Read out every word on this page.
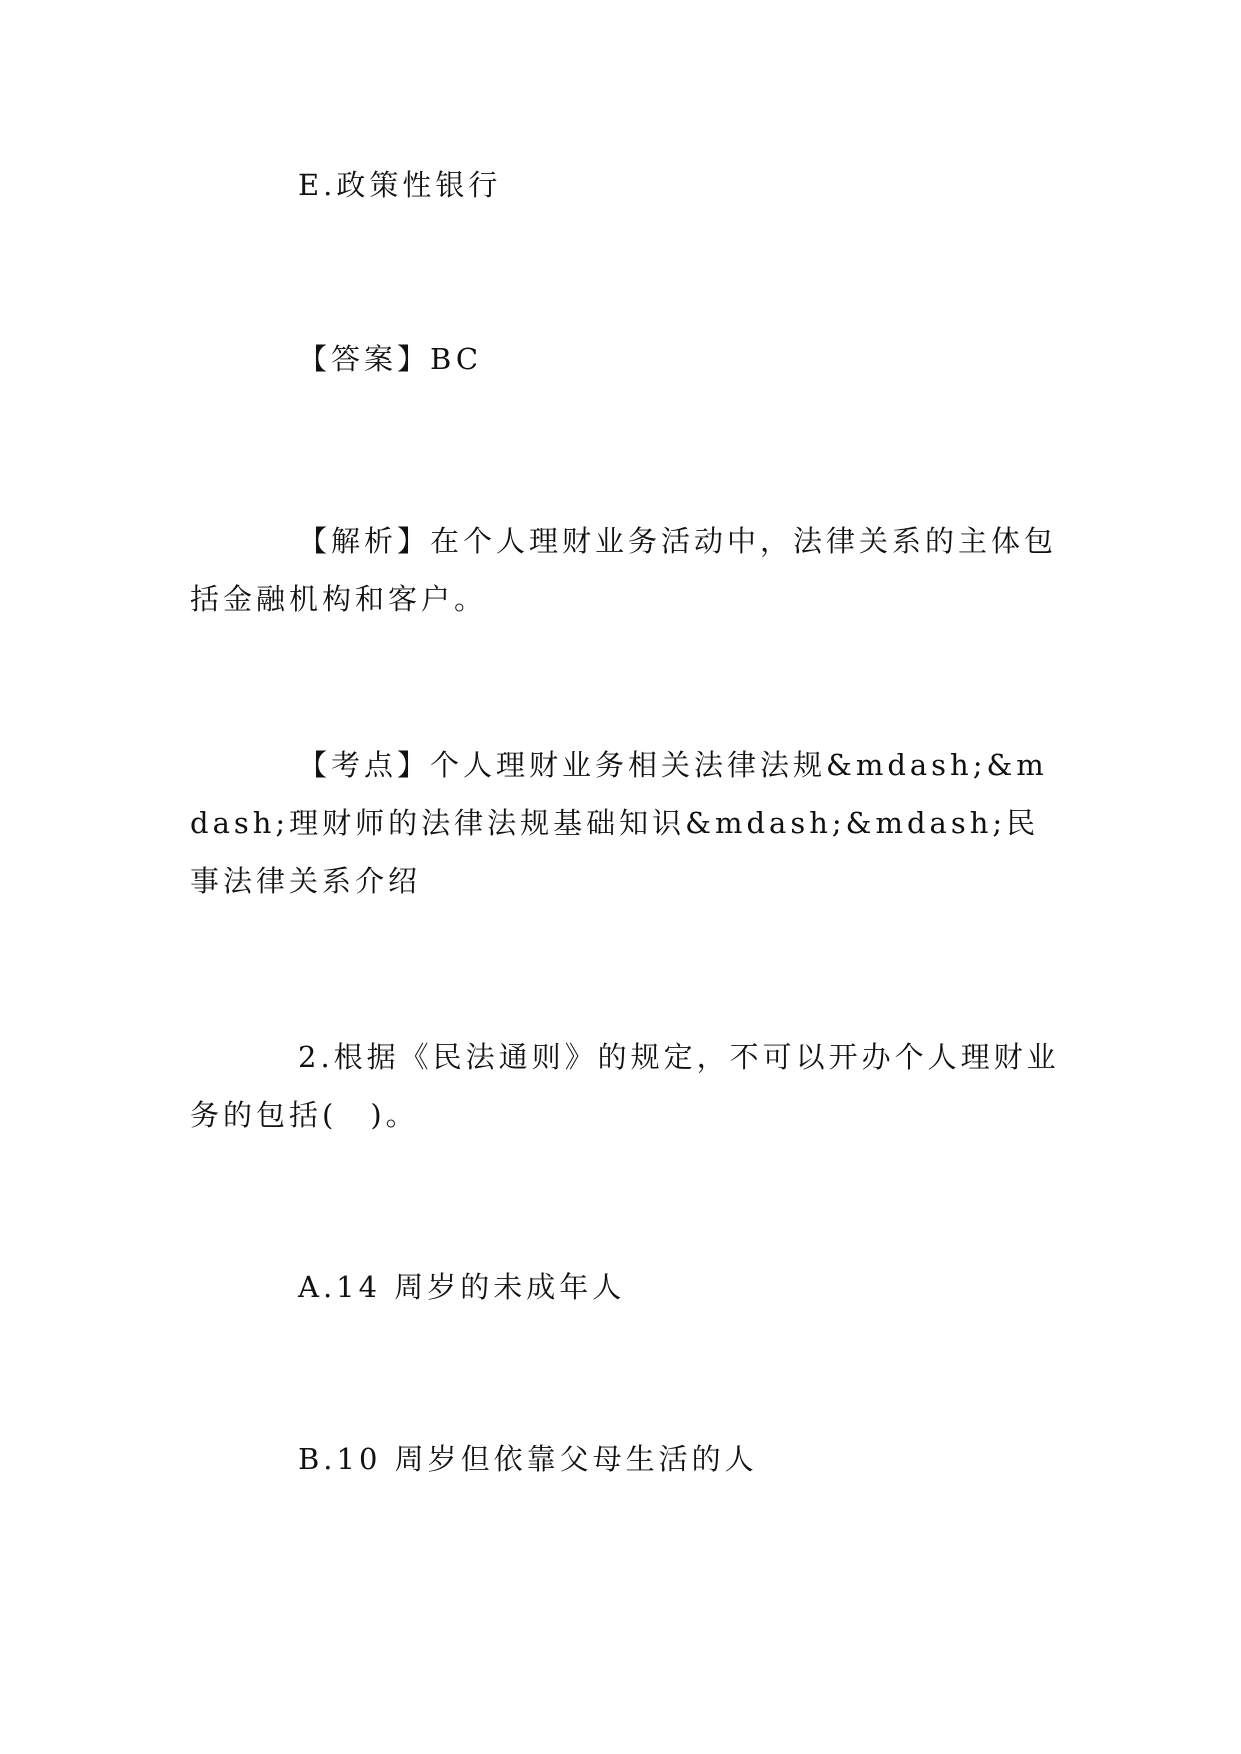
E.政策性银行

【答案】BC

【解析】在个人理财业务活动中，法律关系的主体包括金融机构和客户。

【考点】个人理财业务相关法律法规&mdash;&mdash;理财师的法律法规基础知识&mdash;&mdash;民事法律关系介绍

2.根据《民法通则》的规定，不可以开办个人理财业务的包括(　)。

A.14 周岁的未成年人

B.10 周岁但依靠父母生活的人
